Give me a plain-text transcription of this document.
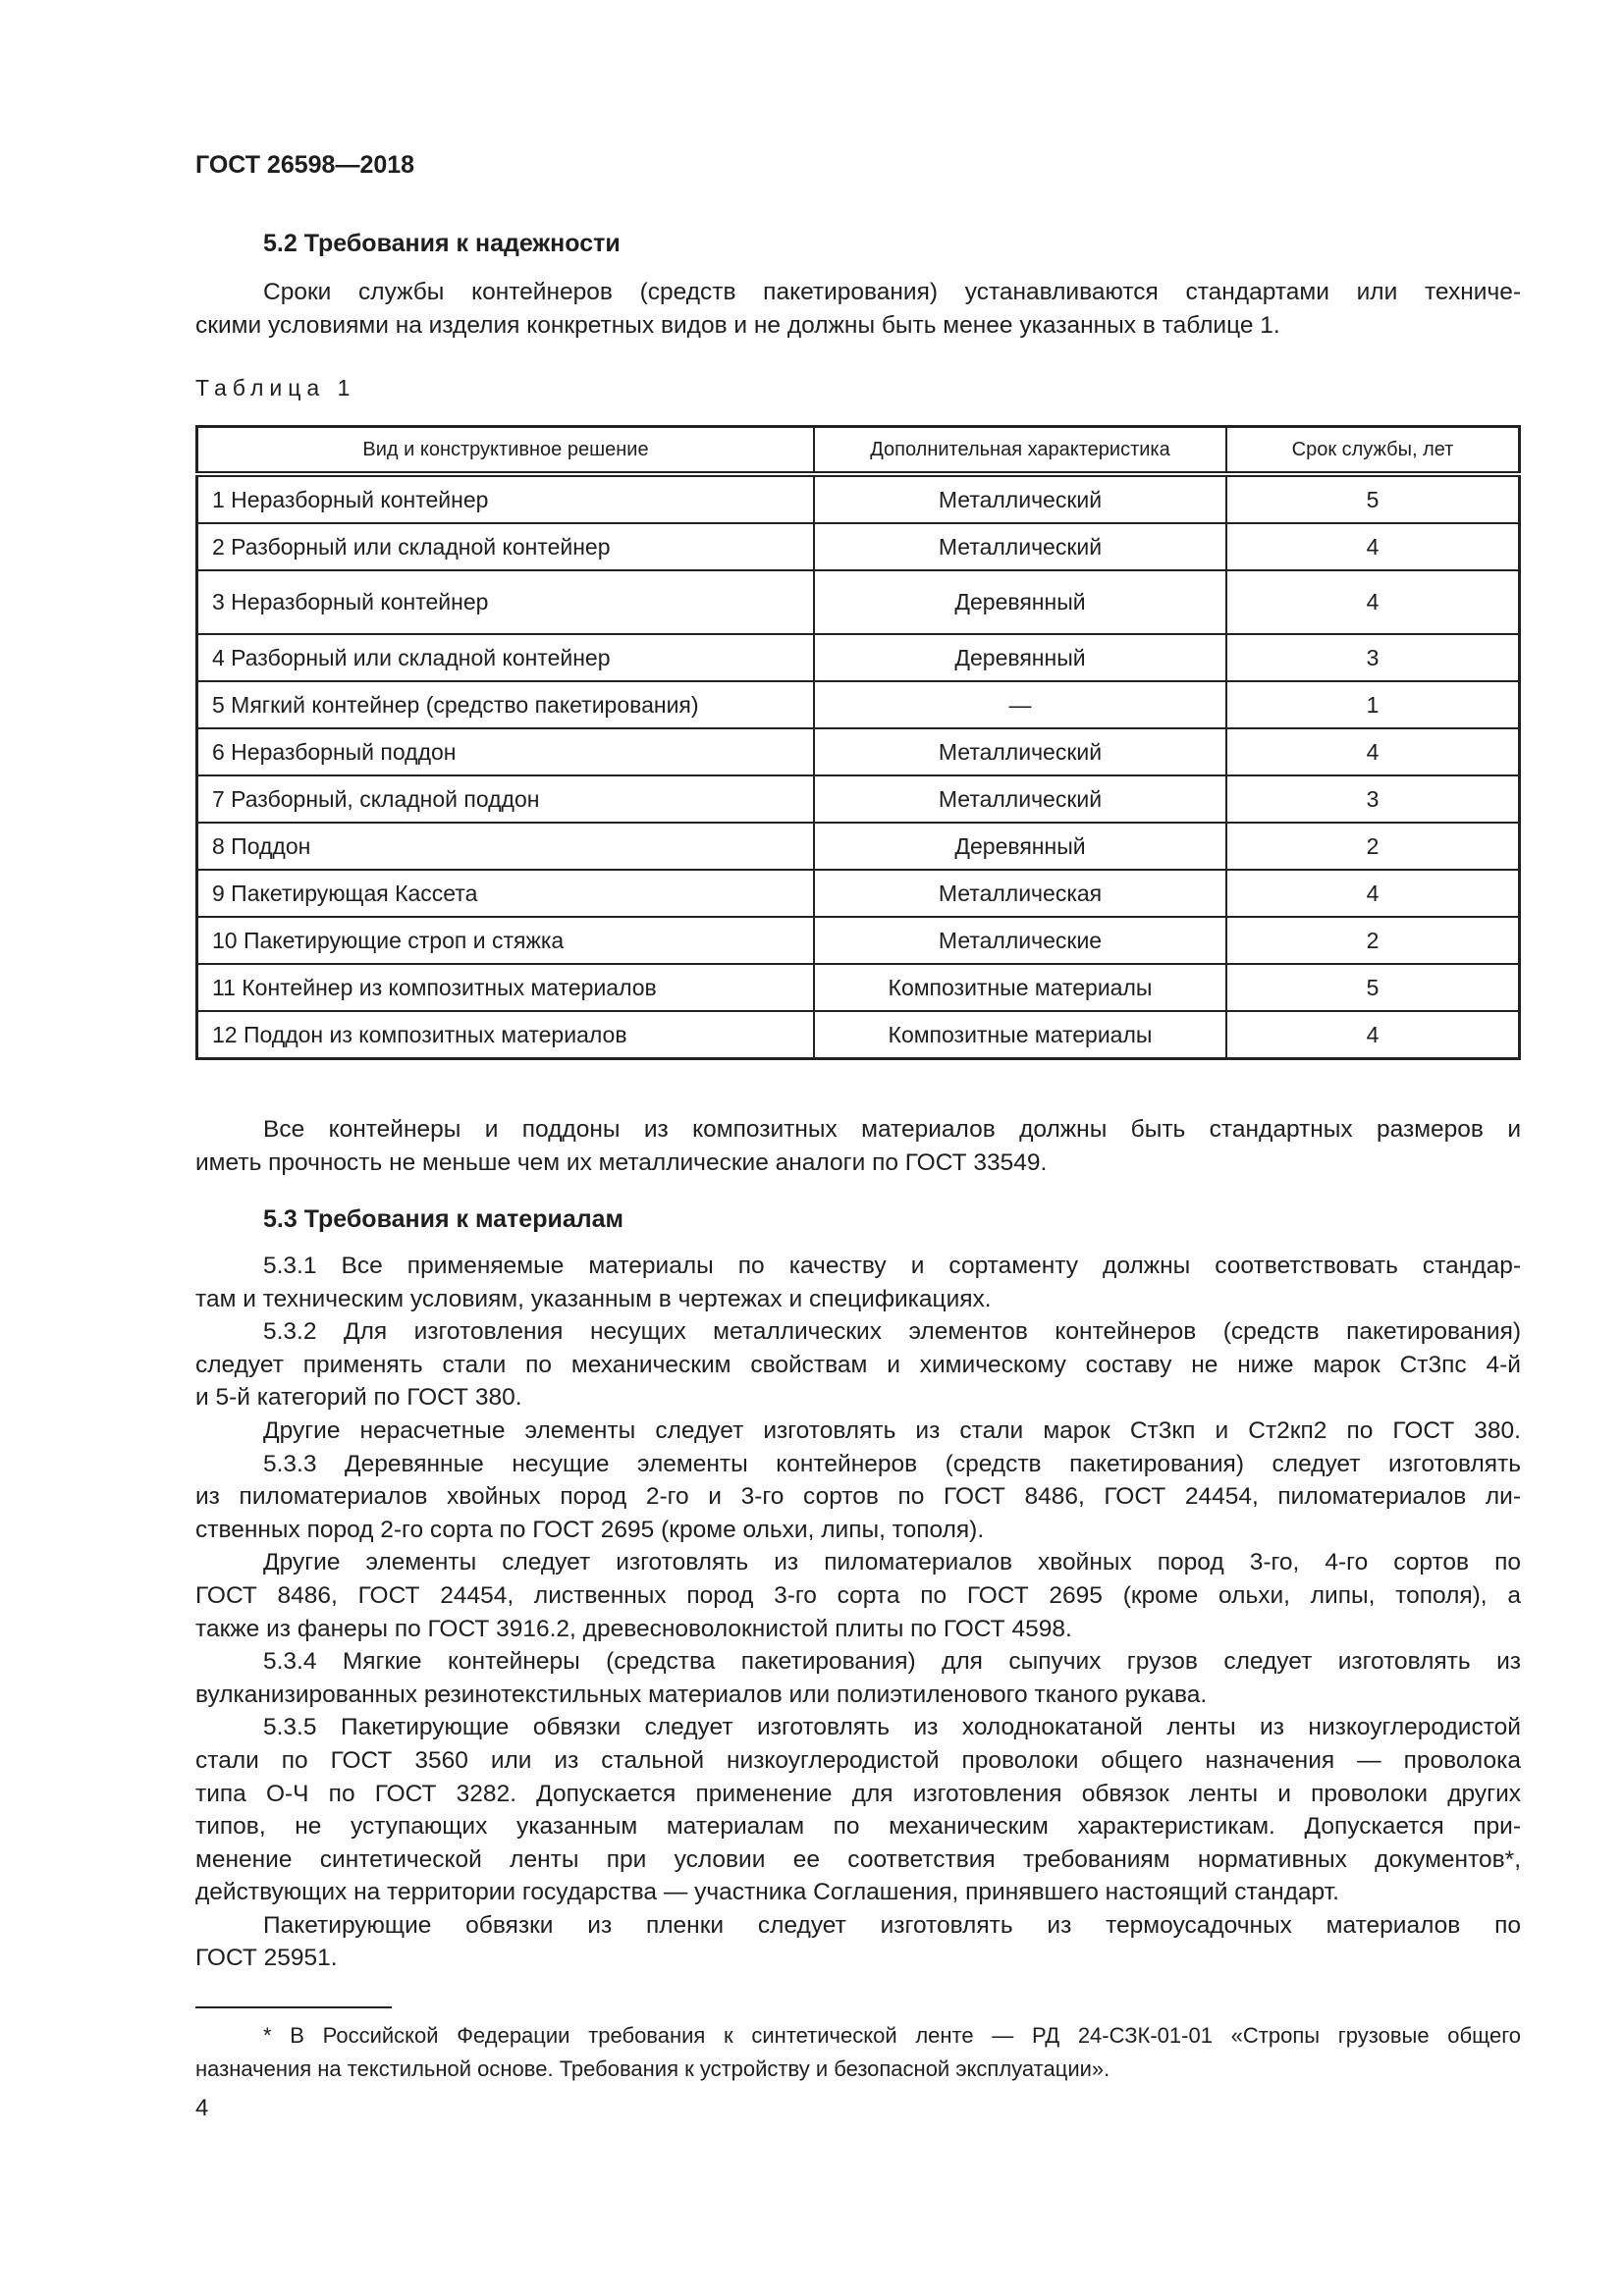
ГОСТ 26598—2018
5.2 Требования к надежности
Сроки службы контейнеров (средств пакетирования) устанавливаются стандартами или техниче-
скими условиями на изделия конкретных видов и не должны быть менее указанных в таблице 1.
Таблица 1
Вид и конструктивное решение	Дополнительная характеристика	Срок службы, лет
1 Неразборный контейнер	Металлический	5
2 Разборный или складной контейнер	Металлический	4
3 Неразборный контейнер	Деревянный	4
4 Разборный или складной контейнер	Деревянный	3
5 Мягкий контейнер (средство пакетирования)	—	1
6 Неразборный поддон	Металлический	4
7 Разборный, складной поддон	Металлический	3
8 Поддон	Деревянный	2
9 Пакетирующая Кассета	Металлическая	4
10 Пакетирующие строп и стяжка	Металлические	2
11 Контейнер из композитных материалов	Композитные материалы	5
12 Поддон из композитных материалов	Композитные материалы	4
Все контейнеры и поддоны из композитных материалов должны быть стандартных размеров и
иметь прочность не меньше чем их металлические аналоги по ГОСТ 33549.
5.3 Требования к материалам
5.3.1 Все применяемые материалы по качеству и сортаменту должны соответствовать стандар-
там и техническим условиям, указанным в чертежах и спецификациях.
5.3.2 Для изготовления несущих металлических элементов контейнеров (средств пакетирования)
следует применять стали по механическим свойствам и химическому составу не ниже марок Ст3пс 4-й
и 5-й категорий по ГОСТ 380.
Другие нерасчетные элементы следует изготовлять из стали марок Ст3кп и Ст2кп2 по ГОСТ 380.
5.3.3 Деревянные несущие элементы контейнеров (средств пакетирования) следует изготовлять
из пиломатериалов хвойных пород 2-го и 3-го сортов по ГОСТ 8486, ГОСТ 24454, пиломатериалов ли-
ственных пород 2-го сорта по ГОСТ 2695 (кроме ольхи, липы, тополя).
Другие элементы следует изготовлять из пиломатериалов хвойных пород 3-го, 4-го сортов по
ГОСТ 8486, ГОСТ 24454, лиственных пород 3-го сорта по ГОСТ 2695 (кроме ольхи, липы, тополя), а
также из фанеры по ГОСТ 3916.2, древесноволокнистой плиты по ГОСТ 4598.
5.3.4 Мягкие контейнеры (средства пакетирования) для сыпучих грузов следует изготовлять из
вулканизированных резинотекстильных материалов или полиэтиленового тканого рукава.
5.3.5 Пакетирующие обвязки следует изготовлять из холоднокатаной ленты из низкоуглеродистой
стали по ГОСТ 3560 или из стальной низкоуглеродистой проволоки общего назначения — проволока
типа О-Ч по ГОСТ 3282. Допускается применение для изготовления обвязок ленты и проволоки других
типов, не уступающих указанным материалам по механическим характеристикам. Допускается при-
менение синтетической ленты при условии ее соответствия требованиям нормативных документов*,
действующих на территории государства — участника Соглашения, принявшего настоящий стандарт.
Пакетирующие обвязки из пленки следует изготовлять из термоусадочных материалов по
ГОСТ 25951.
* В Российской Федерации требования к синтетической ленте — РД 24-СЗК-01-01 «Стропы грузовые общего
назначения на текстильной основе. Требования к устройству и безопасной эксплуатации».
4
